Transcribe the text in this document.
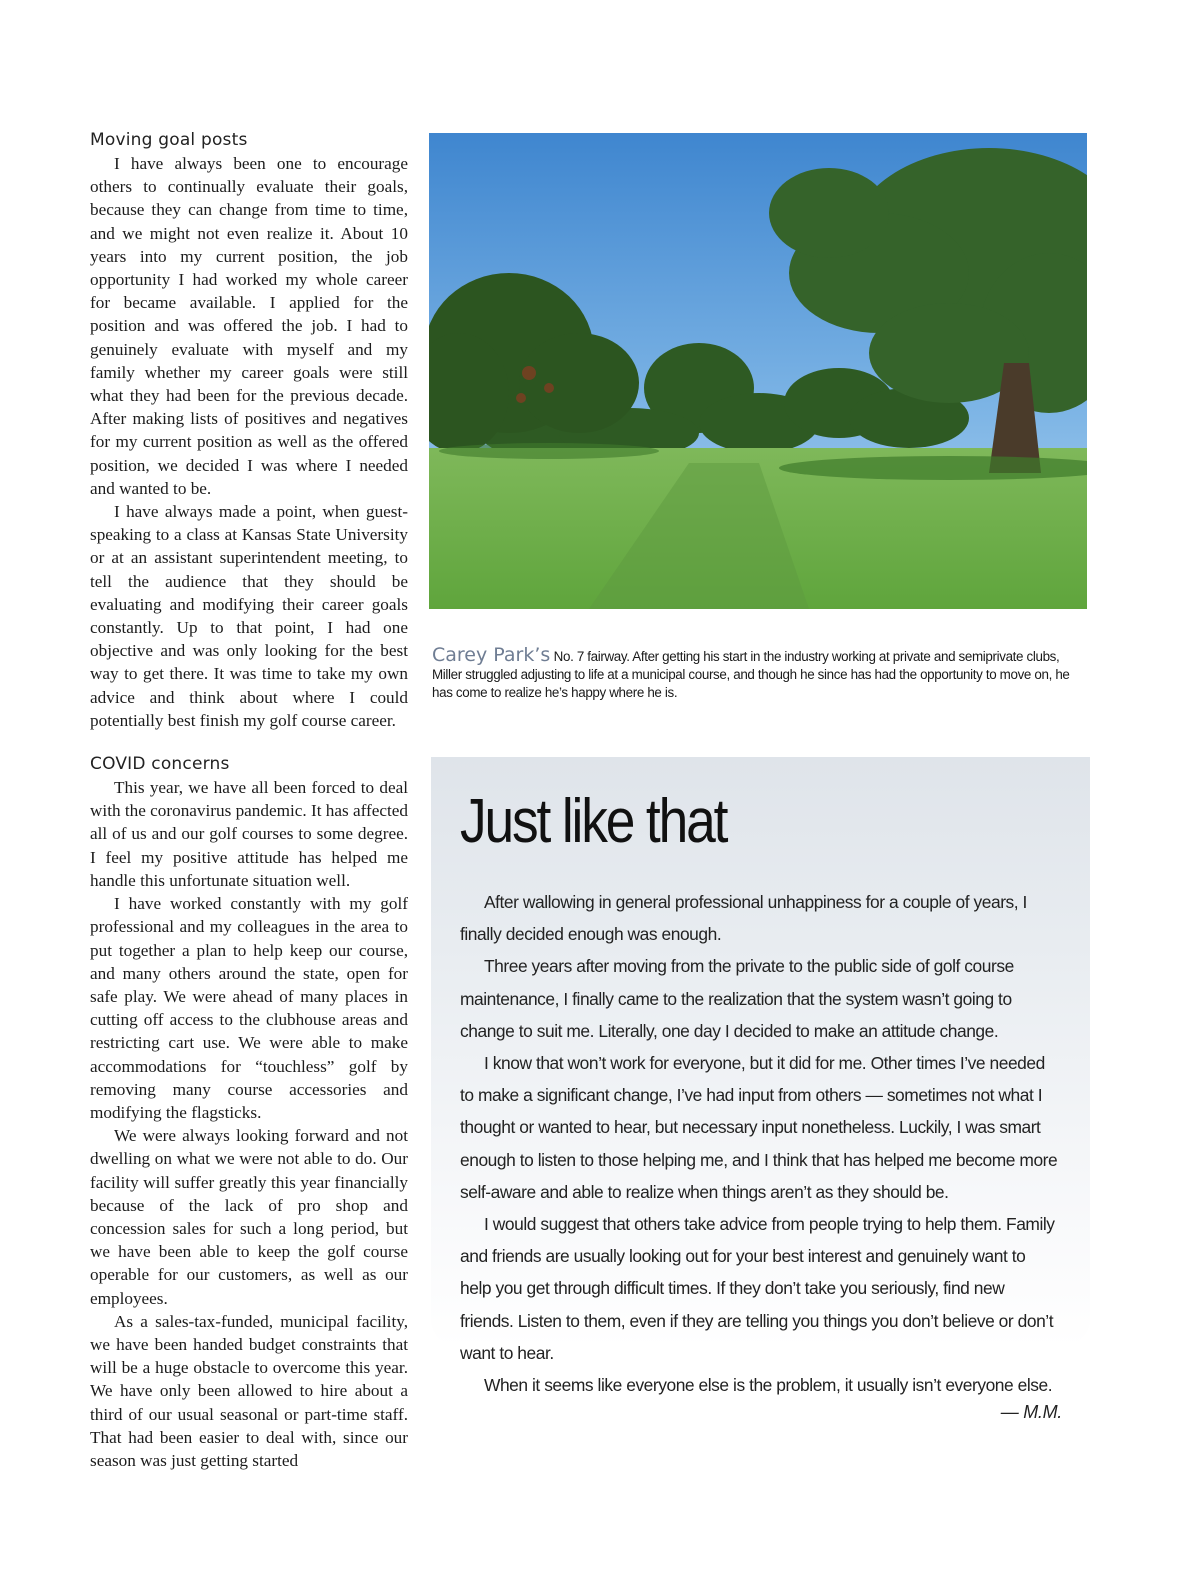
Moving goal posts

I have always been one to encourage others to continually evaluate their goals, because they can change from time to time, and we might not even realize it. About 10 years into my current position, the job opportunity I had worked my whole career for became available. I applied for the position and was offered the job. I had to genuinely evaluate with myself and my family whether my career goals were still what they had been for the previous decade. After making lists of positives and negatives for my current position as well as the offered position, we decided I was where I needed and wanted to be.

I have always made a point, when guest-speaking to a class at Kansas State University or at an assistant superintendent meeting, to tell the audience that they should be evaluating and modifying their career goals constantly. Up to that point, I had one objective and was only looking for the best way to get there. It was time to take my own advice and think about where I could potentially best finish my golf course career.

COVID concerns

This year, we have all been forced to deal with the coronavirus pandemic. It has affected all of us and our golf courses to some degree. I feel my positive attitude has helped me handle this unfortunate situation well.

I have worked constantly with my golf professional and my colleagues in the area to put together a plan to help keep our course, and many others around the state, open for safe play. We were ahead of many places in cutting off access to the clubhouse areas and restricting cart use. We were able to make accommodations for “touchless” golf by removing many course accessories and modifying the flagsticks.

We were always looking forward and not dwelling on what we were not able to do. Our facility will suffer greatly this year financially because of the lack of pro shop and concession sales for such a long period, but we have been able to keep the golf course operable for our customers, as well as our employees.

As a sales-tax-funded, municipal facility, we have been handed budget constraints that will be a huge obstacle to overcome this year. We have only been allowed to hire about a third of our usual seasonal or part-time staff. That had been easier to deal with, since our season was just getting started

Carey Park’s No. 7 fairway. After getting his start in the industry working at private and semiprivate clubs, Miller struggled adjusting to life at a municipal course, and though he since has had the opportunity to move on, he has come to realize he’s happy where he is.
Just like that

After wallowing in general professional unhappiness for a couple of years, I finally decided enough was enough.

Three years after moving from the private to the public side of golf course maintenance, I finally came to the realization that the system wasn’t going to change to suit me. Literally, one day I decided to make an attitude change.

I know that won’t work for everyone, but it did for me. Other times I’ve needed to make a significant change, I’ve had input from others — sometimes not what I thought or wanted to hear, but necessary input nonetheless. Luckily, I was smart enough to listen to those helping me, and I think that has helped me become more self-aware and able to realize when things aren’t as they should be.

I would suggest that others take advice from people trying to help them. Family and friends are usually looking out for your best interest and genuinely want to help you get through difficult times. If they don’t take you seriously, find new friends. Listen to them, even if they are telling you things you don’t believe or don’t want to hear.

When it seems like everyone else is the problem, it usually isn’t everyone else.

— M.M.
